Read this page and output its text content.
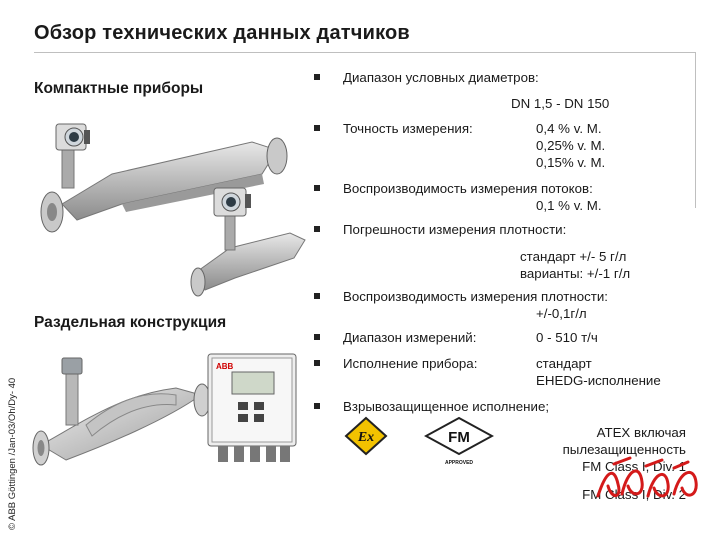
Обзор технических данных датчиков
© ABB Göttingen /Jan-03/Oh/Dy- 40
Компактные приборы
Раздельная конструкция
ABB
Диапазон условных диаметров:
DN 1,5 - DN 150
Точность измерения:	0,4 % v. M.
0,25% v. M.
0,15% v. M.
Воспроизводимость измерения потоков:
0,1 % v. M.
Погрешности измерения плотности:
стандарт +/- 5 г/л
варианты: +/-1 г/л
Воспроизводимость измерения плотности:
+/-0,1г/л
Диапазон измерений:	0 - 510 т/ч
Исполнение прибора:	стандарт
EHEDG-исполнение
Взрывозащищенное исполнение;
Ex	FM
APPROVED
ATEX включая
пылезащищенность
FM Class I, Div. 1
FM Class I, Div. 2
